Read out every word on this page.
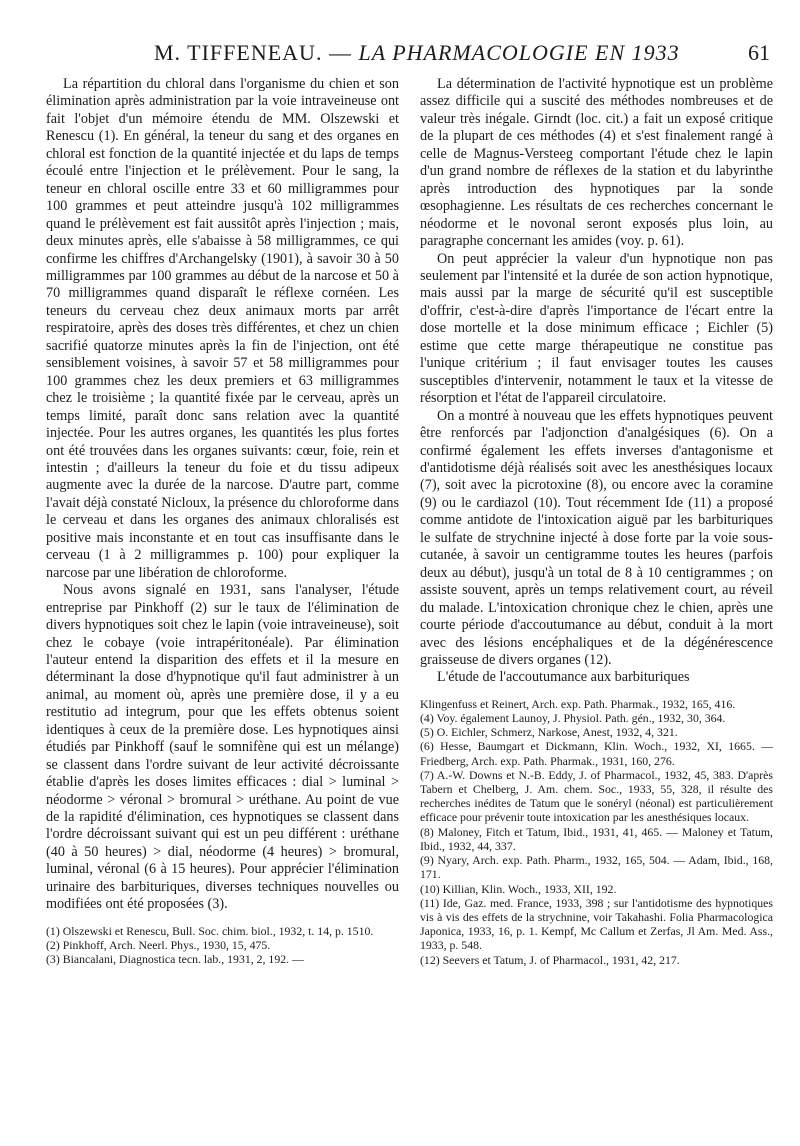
M. TIFFENEAU. — LA PHARMACOLOGIE EN 1933	61

La répartition du chloral dans l'organisme du chien et son élimination après administration par la voie intraveineuse ont fait l'objet d'un mémoire étendu de MM. Olszewski et Renescu (1). En général, la teneur du sang et des organes en chloral est fonction de la quantité injectée et du laps de temps écoulé entre l'injection et le prélèvement. Pour le sang, la teneur en chloral oscille entre 33 et 60 milligrammes pour 100 grammes et peut atteindre jusqu'à 102 milligrammes quand le prélèvement est fait aussitôt après l'injection ; mais, deux minutes après, elle s'abaisse à 58 milligrammes, ce qui confirme les chiffres d'Archangelsky (1901), à savoir 30 à 50 milligrammes par 100 grammes au début de la narcose et 50 à 70 milligrammes quand disparaît le réflexe cornéen. Les teneurs du cerveau chez deux animaux morts par arrêt respiratoire, après des doses très différentes, et chez un chien sacrifié quatorze minutes après la fin de l'injection, ont été sensiblement voisines, à savoir 57 et 58 milligrammes pour 100 grammes chez les deux premiers et 63 milligrammes chez le troisième ; la quantité fixée par le cerveau, après un temps limité, paraît donc sans relation avec la quantité injectée. Pour les autres organes, les quantités les plus fortes ont été trouvées dans les organes suivants: cœur, foie, rein et intestin ; d'ailleurs la teneur du foie et du tissu adipeux augmente avec la durée de la narcose. D'autre part, comme l'avait déjà constaté Nicloux, la présence du chloroforme dans le cerveau et dans les organes des animaux chloralisés est positive mais inconstante et en tout cas insuffisante dans le cerveau (1 à 2 milligrammes p. 100) pour expliquer la narcose par une libération de chloroforme.

Nous avons signalé en 1931, sans l'analyser, l'étude entreprise par Pinkhoff (2) sur le taux de l'élimination de divers hypnotiques soit chez le lapin (voie intraveineuse), soit chez le cobaye (voie intrapéritonéale). Par élimination l'auteur entend la disparition des effets et il la mesure en déterminant la dose d'hypnotique qu'il faut administrer à un animal, au moment où, après une première dose, il y a eu restitutio ad integrum, pour que les effets obtenus soient identiques à ceux de la première dose. Les hypnotiques ainsi étudiés par Pinkhoff (sauf le somnifène qui est un mélange) se classent dans l'ordre suivant de leur activité décroissante établie d'après les doses limites efficaces : dial > luminal > néodorme > véronal > bromural > uréthane. Au point de vue de la rapidité d'élimination, ces hypnotiques se classent dans l'ordre décroissant suivant qui est un peu différent : uréthane (40 à 50 heures) > dial, néodorme (4 heures) > bromural, luminal, véronal (6 à 15 heures). Pour apprécier l'élimination urinaire des barbituriques, diverses techniques nouvelles ou modifiées ont été proposées (3).

(1) Olszewski et Renescu, Bull. Soc. chim. biol., 1932, t. 14, p. 1510.

(2) Pinkhoff, Arch. Neerl. Phys., 1930, 15, 475.

(3) Biancalani, Diagnostica tecn. lab., 1931, 2, 192. —

La détermination de l'activité hypnotique est un problème assez difficile qui a suscité des méthodes nombreuses et de valeur très inégale. Girndt (loc. cit.) a fait un exposé critique de la plupart de ces méthodes (4) et s'est finalement rangé à celle de Magnus-Versteeg comportant l'étude chez le lapin d'un grand nombre de réflexes de la station et du labyrinthe après introduction des hypnotiques par la sonde œsophagienne. Les résultats de ces recherches concernant le néodorme et le novonal seront exposés plus loin, au paragraphe concernant les amides (voy. p. 61).

On peut apprécier la valeur d'un hypnotique non pas seulement par l'intensité et la durée de son action hypnotique, mais aussi par la marge de sécurité qu'il est susceptible d'offrir, c'est-à-dire d'après l'importance de l'écart entre la dose mortelle et la dose minimum efficace ; Eichler (5) estime que cette marge thérapeutique ne constitue pas l'unique critérium ; il faut envisager toutes les causes susceptibles d'intervenir, notamment le taux et la vitesse de résorption et l'état de l'appareil circulatoire.

On a montré à nouveau que les effets hypnotiques peuvent être renforcés par l'adjonction d'analgésiques (6). On a confirmé également les effets inverses d'antagonisme et d'antidotisme déjà réalisés soit avec les anesthésiques locaux (7), soit avec la picrotoxine (8), ou encore avec la coramine (9) ou le cardiazol (10). Tout récemment Ide (11) a proposé comme antidote de l'intoxication aiguë par les barbituriques le sulfate de strychnine injecté à dose forte par la voie sous-cutanée, à savoir un centigramme toutes les heures (parfois deux au début), jusqu'à un total de 8 à 10 centigrammes ; on assiste souvent, après un temps relativement court, au réveil du malade. L'intoxication chronique chez le chien, après une courte période d'accoutumance au début, conduit à la mort avec des lésions encéphaliques et de la dégénérescence graisseuse de divers organes (12).

L'étude de l'accoutumance aux barbituriques

Klingenfuss et Reinert, Arch. exp. Path. Pharmak., 1932, 165, 416.

(4) Voy. également Launoy, J. Physiol. Path. gén., 1932, 30, 364.

(5) O. Eichler, Schmerz, Narkose, Anest, 1932, 4, 321.

(6) Hesse, Baumgart et Dickmann, Klin. Woch., 1932, XI, 1665. — Friedberg, Arch. exp. Path. Pharmak., 1931, 160, 276.

(7) A.-W. Downs et N.-B. Eddy, J. of Pharmacol., 1932, 45, 383. D'après Tabern et Chelberg, J. Am. chem. Soc., 1933, 55, 328, il résulte des recherches inédites de Tatum que le sonéryl (néonal) est particulièrement efficace pour prévenir toute intoxication par les anesthésiques locaux.

(8) Maloney, Fitch et Tatum, Ibid., 1931, 41, 465. — Maloney et Tatum, Ibid., 1932, 44, 337.

(9) Nyary, Arch. exp. Path. Pharm., 1932, 165, 504. — Adam, Ibid., 168, 171.

(10) Killian, Klin. Woch., 1933, XII, 192.

(11) Ide, Gaz. med. France, 1933, 398 ; sur l'antidotisme des hypnotiques vis à vis des effets de la strychnine, voir Takahashi. Folia Pharmacologica Japonica, 1933, 16, p. 1. Kempf, Mc Callum et Zerfas, Jl Am. Med. Ass., 1933, p. 548.

(12) Seevers et Tatum, J. of Pharmacol., 1931, 42, 217.
